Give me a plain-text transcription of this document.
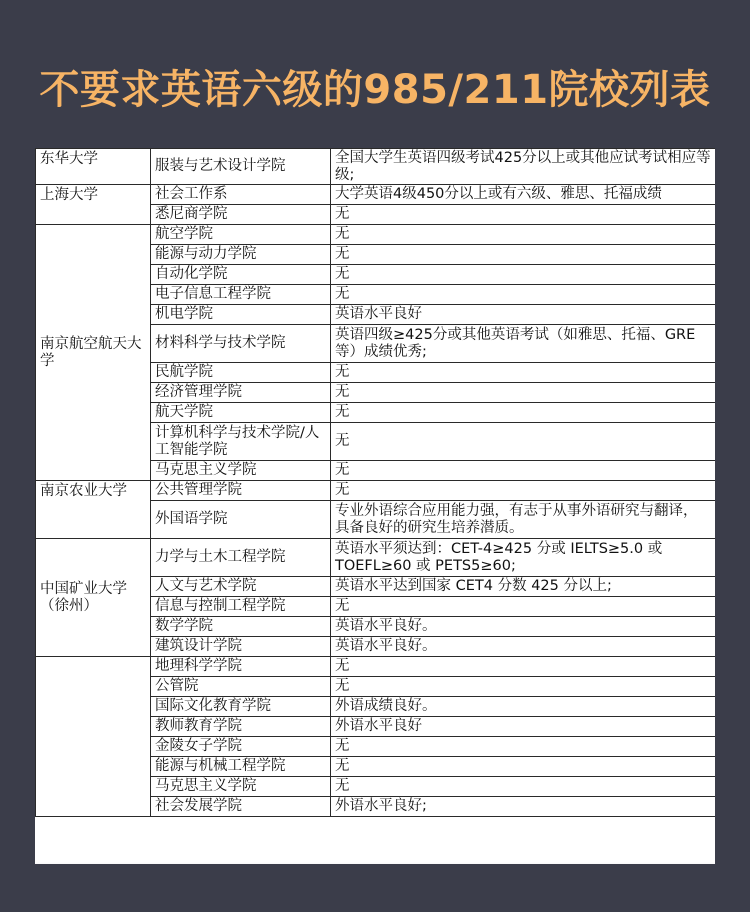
不要求英语六级的985/211院校列表
东华大学	服装与艺术设计学院	全国大学生英语四级考试425分以上或其他应试考试相应等级;
上海大学	社会工作系	大学英语4级450分以上或有六级、雅思、托福成绩
	悉尼商学院	无
南京航空航天大学	航空学院	无
	能源与动力学院	无
	自动化学院	无
	电子信息工程学院	无
	机电学院	英语水平良好
	材料科学与技术学院	英语四级≥425分或其他英语考试（如雅思、托福、GRE等）成绩优秀;
	民航学院	无
	经济管理学院	无
	航天学院	无
	计算机科学与技术学院/人工智能学院	无
	马克思主义学院	无
南京农业大学	公共管理学院	无
	外国语学院	专业外语综合应用能力强，有志于从事外语研究与翻译，具备良好的研究生培养潜质。
中国矿业大学（徐州）	力学与土木工程学院	英语水平须达到：CET-4≥425 分或 IELTS≥5.0 或 TOEFL≥60 或 PETS5≥60;
	人文与艺术学院	英语水平达到国家 CET4 分数 425 分以上;
	信息与控制工程学院	无
	数学学院	英语水平良好。
	建筑设计学院	英语水平良好。
	地理科学学院	无
	公管院	无
	国际文化教育学院	外语成绩良好。
	教师教育学院	外语水平良好
	金陵女子学院	无
	能源与机械工程学院	无
	马克思主义学院	无
	社会发展学院	外语水平良好;
